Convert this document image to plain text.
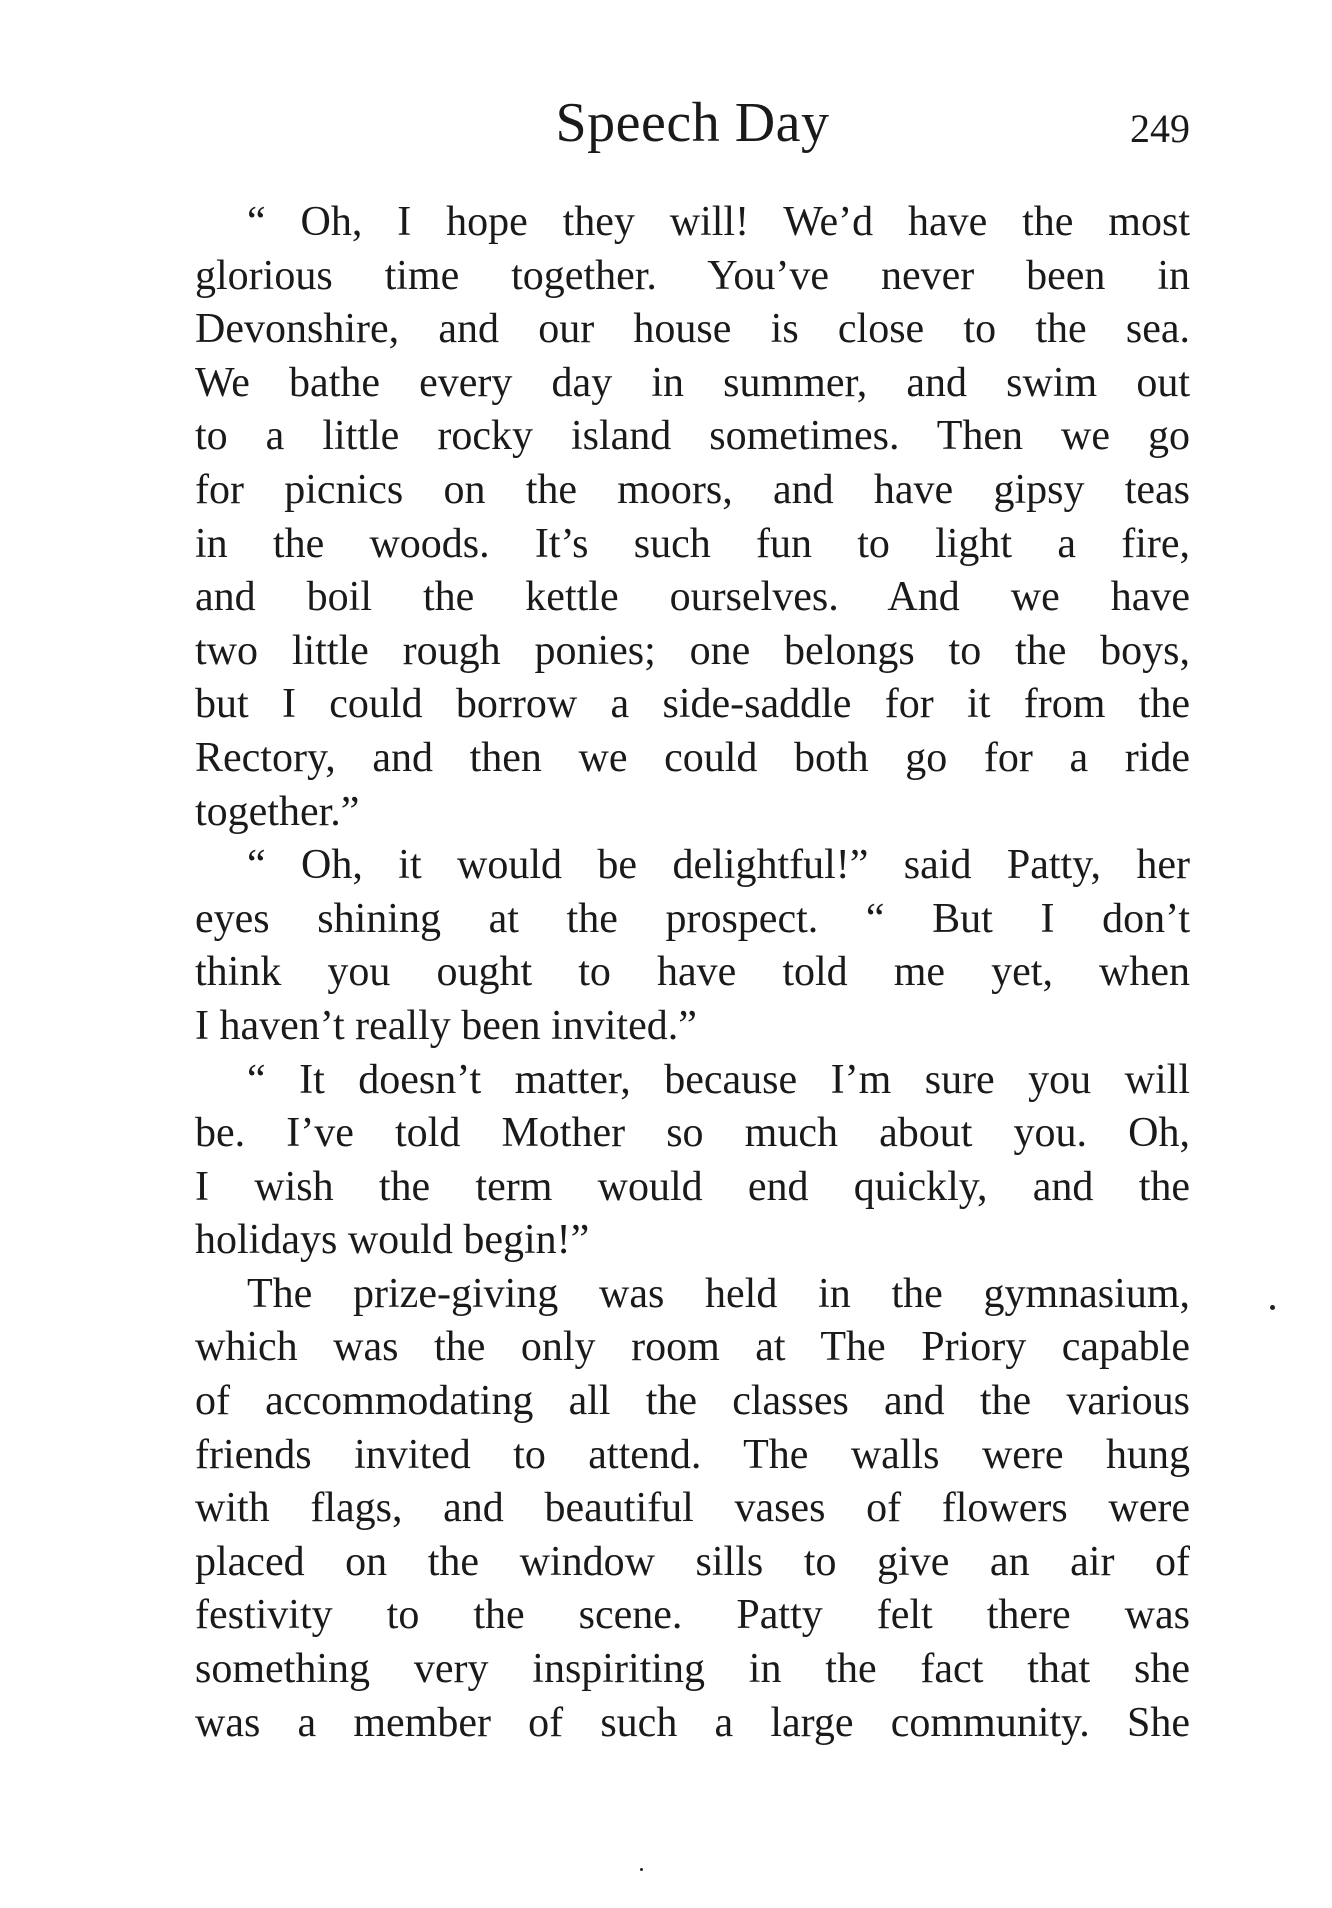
Speech Day	249
“ Oh, I hope they will! We’d have the most
glorious time together. You’ve never been in
Devonshire, and our house is close to the sea.
We bathe every day in summer, and swim out
to a little rocky island sometimes. Then we go
for picnics on the moors, and have gipsy teas
in the woods. It’s such fun to light a fire,
and boil the kettle ourselves. And we have
two little rough ponies; one belongs to the boys,
but I could borrow a side-saddle for it from the
Rectory, and then we could both go for a ride
together.”
“ Oh, it would be delightful!” said Patty, her
eyes shining at the prospect. “ But I don’t
think you ought to have told me yet, when
I haven’t really been invited.”
“ It doesn’t matter, because I’m sure you will
be. I’ve told Mother so much about you. Oh,
I wish the term would end quickly, and the
holidays would begin!”
The prize-giving was held in the gymnasium,
which was the only room at The Priory capable
of accommodating all the classes and the various
friends invited to attend. The walls were hung
with flags, and beautiful vases of flowers were
placed on the window sills to give an air of
festivity to the scene. Patty felt there was
something very inspiriting in the fact that she
was a member of such a large community. She
